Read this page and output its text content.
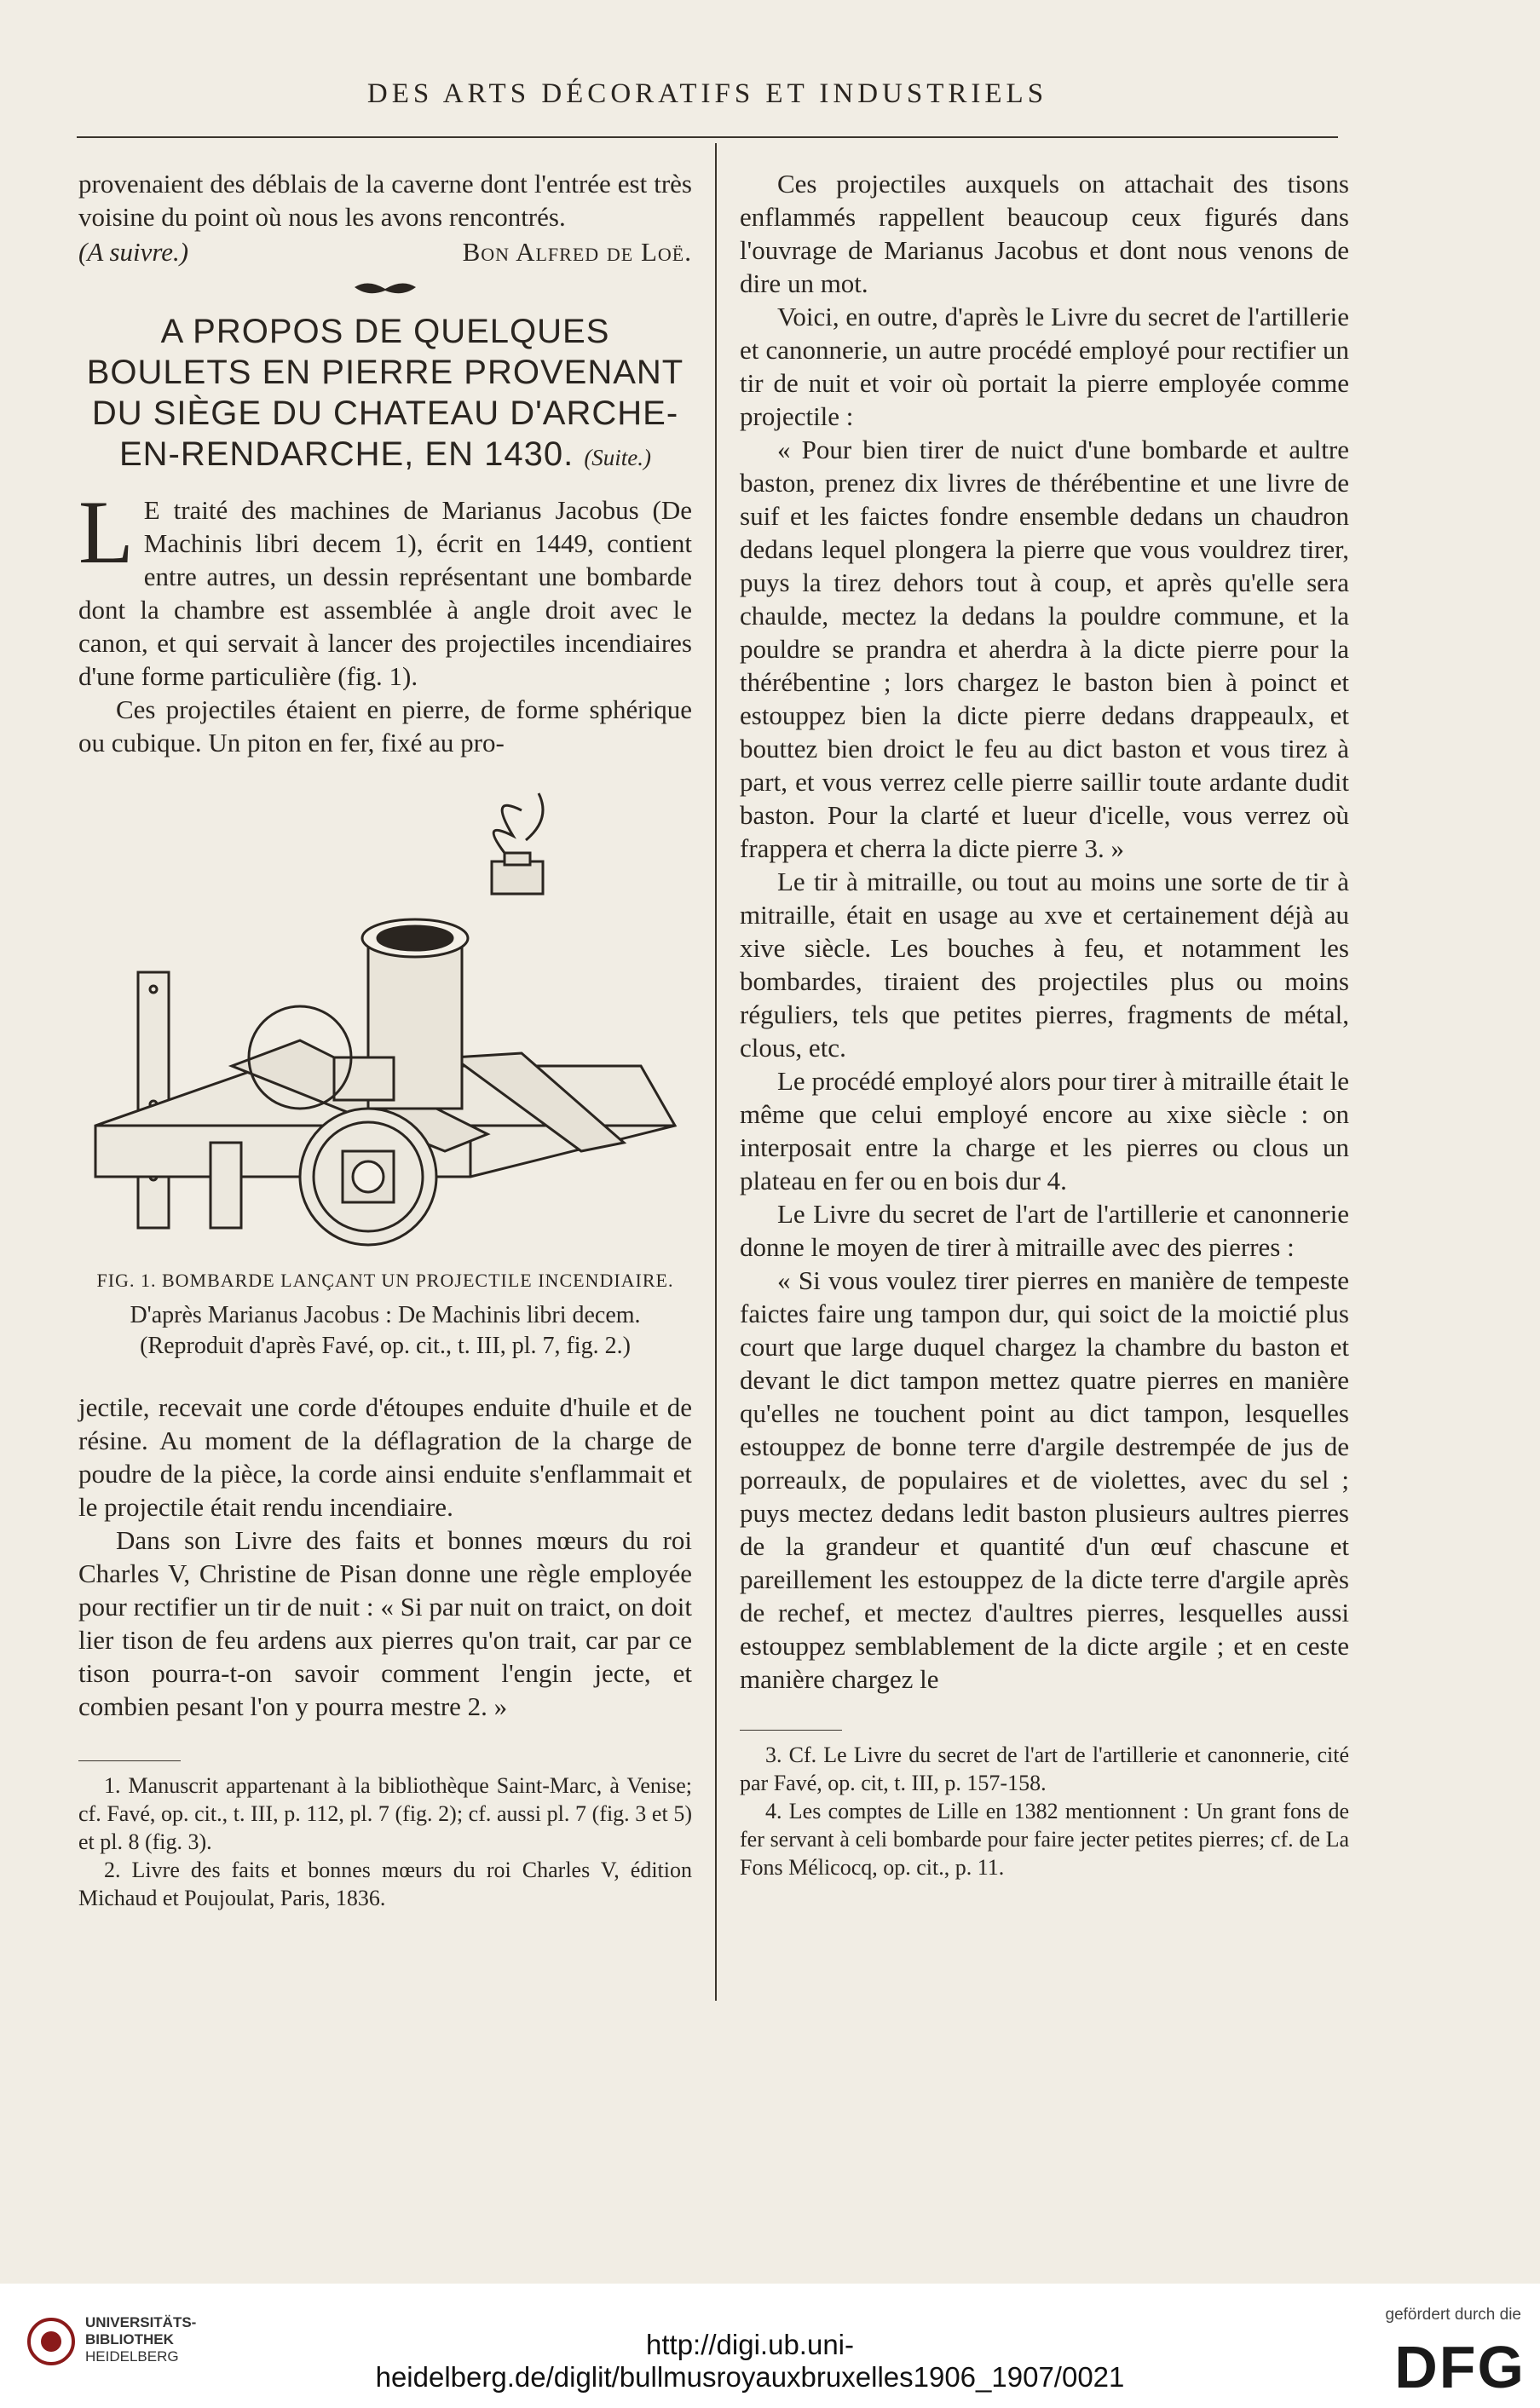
DES ARTS DÉCORATIFS ET INDUSTRIELS

provenaient des déblais de la caverne dont l'entrée est très voisine du point où nous les avons rencontrés.

(A suivre.)	Bon Alfred de Loë.
A PROPOS DE QUELQUES BOULETS EN PIERRE PROVENANT DU SIÈGE DU CHATEAU D'ARCHE-EN-RENDARCHE, EN 1430. (Suite.)

L E traité des machines de Marianus Jacobus (De Machinis libri decem 1), écrit en 1449, contient entre autres, un dessin représentant une bombarde dont la chambre est assemblée à angle droit avec le canon, et qui servait à lancer des projectiles incendiaires d'une forme particulière (fig. 1).

Ces projectiles étaient en pierre, de forme sphérique ou cubique. Un piton en fer, fixé au pro-

FIG. 1. BOMBARDE LANÇANT UN PROJECTILE INCENDIAIRE.
D'après Marianus Jacobus : De Machinis libri decem.
(Reproduit d'après Favé, op. cit., t. III, pl. 7, fig. 2.)

jectile, recevait une corde d'étoupes enduite d'huile et de résine. Au moment de la déflagration de la charge de poudre de la pièce, la corde ainsi enduite s'enflammait et le projectile était rendu incendiaire.

Dans son Livre des faits et bonnes mœurs du roi Charles V, Christine de Pisan donne une règle employée pour rectifier un tir de nuit : « Si par nuit on traict, on doit lier tison de feu ardens aux pierres qu'on trait, car par ce tison pourra-t-on savoir comment l'engin jecte, et combien pesant l'on y pourra mestre 2. »

1. Manuscrit appartenant à la bibliothèque Saint-Marc, à Venise; cf. Favé, op. cit., t. III, p. 112, pl. 7 (fig. 2); cf. aussi pl. 7 (fig. 3 et 5) et pl. 8 (fig. 3).

2. Livre des faits et bonnes mœurs du roi Charles V, édition Michaud et Poujoulat, Paris, 1836.

Ces projectiles auxquels on attachait des tisons enflammés rappellent beaucoup ceux figurés dans l'ouvrage de Marianus Jacobus et dont nous venons de dire un mot.

Voici, en outre, d'après le Livre du secret de l'artillerie et canonnerie, un autre procédé employé pour rectifier un tir de nuit et voir où portait la pierre employée comme projectile :

« Pour bien tirer de nuict d'une bombarde et aultre baston, prenez dix livres de thérébentine et une livre de suif et les faictes fondre ensemble dedans un chaudron dedans lequel plongera la pierre que vous vouldrez tirer, puys la tirez dehors tout à coup, et après qu'elle sera chaulde, mectez la dedans la pouldre commune, et la pouldre se prandra et aherdra à la dicte pierre pour la thérébentine ; lors chargez le baston bien à poinct et estouppez bien la dicte pierre dedans drappeaulx, et bouttez bien droict le feu au dict baston et vous tirez à part, et vous verrez celle pierre saillir toute ardante dudit baston. Pour la clarté et lueur d'icelle, vous verrez où frappera et cherra la dicte pierre 3. »

Le tir à mitraille, ou tout au moins une sorte de tir à mitraille, était en usage au xve et certainement déjà au xive siècle. Les bouches à feu, et notamment les bombardes, tiraient des projectiles plus ou moins réguliers, tels que petites pierres, fragments de métal, clous, etc.

Le procédé employé alors pour tirer à mitraille était le même que celui employé encore au xixe siècle : on interposait entre la charge et les pierres ou clous un plateau en fer ou en bois dur 4.

Le Livre du secret de l'art de l'artillerie et canonnerie donne le moyen de tirer à mitraille avec des pierres :

« Si vous voulez tirer pierres en manière de tempeste faictes faire ung tampon dur, qui soict de la moictié plus court que large duquel chargez la chambre du baston et devant le dict tampon mettez quatre pierres en manière qu'elles ne touchent point au dict tampon, lesquelles estouppez de bonne terre d'argile destrempée de jus de porreaulx, de populaires et de violettes, avec du sel ; puys mectez dedans ledit baston plusieurs aultres pierres de la grandeur et quantité d'un œuf chascune et pareillement les estouppez de la dicte terre d'argile après de rechef, et mectez d'aultres pierres, lesquelles aussi estouppez semblablement de la dicte argile ; et en ceste manière chargez le

3. Cf. Le Livre du secret de l'art de l'artillerie et canonnerie, cité par Favé, op. cit, t. III, p. 157-158.

4. Les comptes de Lille en 1382 mentionnent : Un grant fons de fer servant à celi bombarde pour faire jecter petites pierres; cf. de La Fons Mélicocq, op. cit., p. 11.

UNIVERSITÄTS-
BIBLIOTHEK
HEIDELBERG	http://digi.ub.uni-heidelberg.de/diglit/bullmusroyauxbruxelles1906_1907/0021
gefördert durch die
DFG
